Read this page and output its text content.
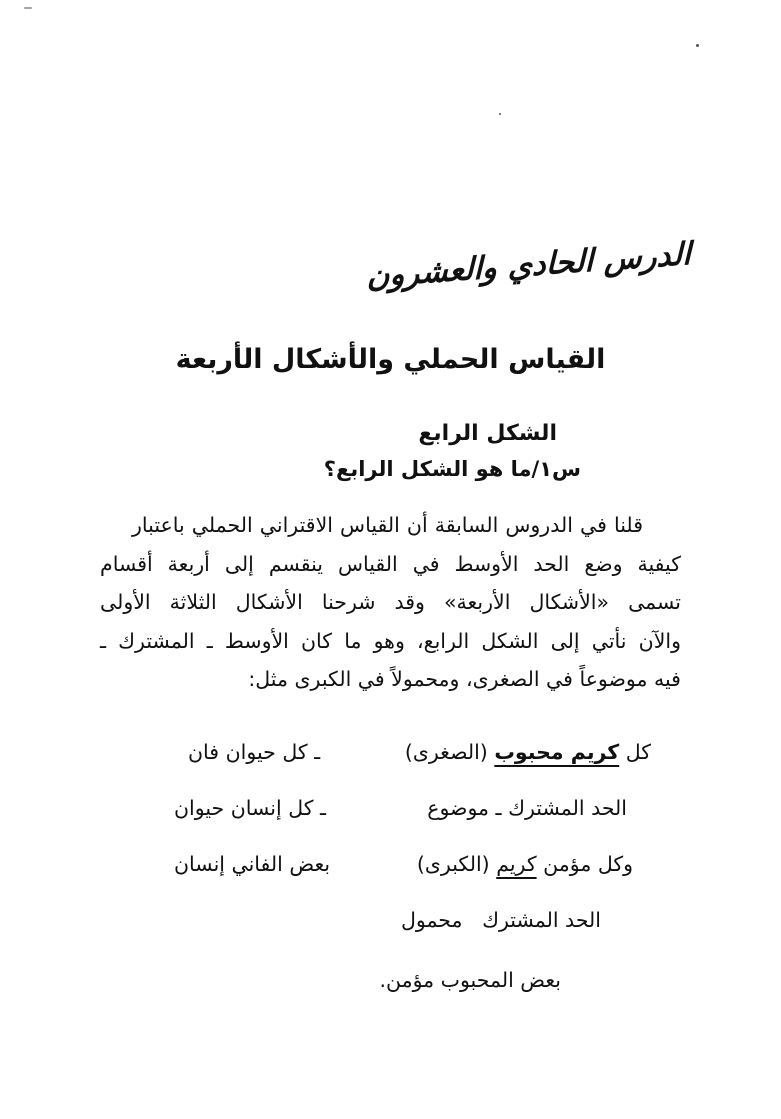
الدرس الحادي والعشرون
القياس الحملي والأشكال الأربعة
الشكل الرابع
س١/ما هو الشكل الرابع؟
قلنا في الدروس السابقة أن القياس الاقتراني الحملي باعتبار
كيفية وضع الحد الأوسط في القياس ينقسم إلى أربعة أقسام
تسمى «الأشكال الأربعة» وقد شرحنا الأشكال الثلاثة الأولى
والآن نأتي إلى الشكل الرابع، وهو ما كان الأوسط ـ المشترك ـ
فيه موضوعاً في الصغرى، ومحمولاً في الكبرى مثل:
كل كريم محبوب (الصغرى)
ـ كل حيوان فان
الحد المشترك ـ موضوع
ـ كل إنسان حيوان
وكل مؤمن كريم (الكبرى)
بعض الفاني إنسان
الحد المشترك   محمول
بعض المحبوب مؤمن.
